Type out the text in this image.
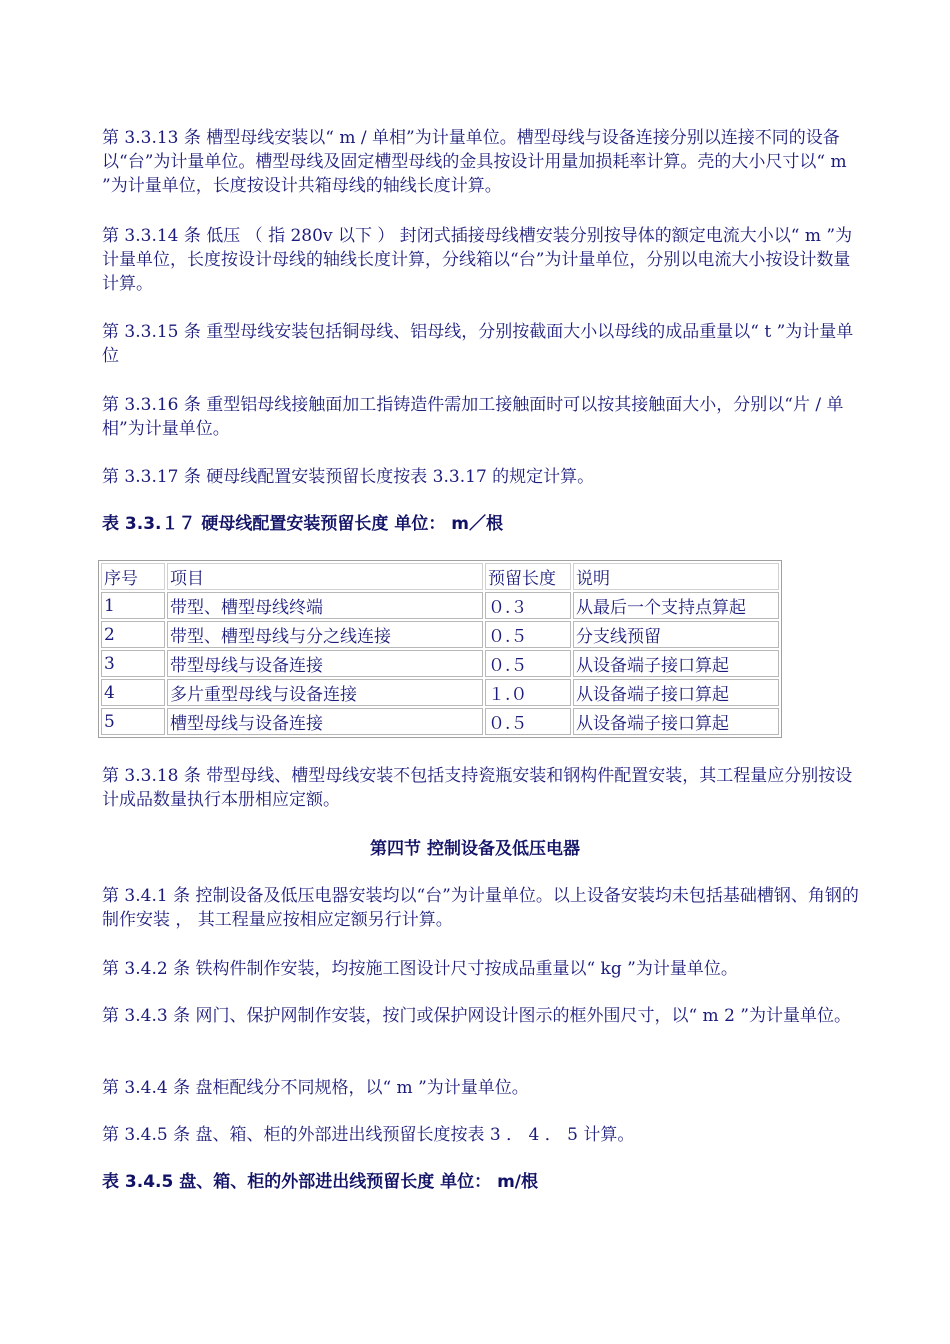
第 3.3.13 条 槽型母线安装以“ m / 单相”为计量单位。槽型母线与设备连接分别以连接不同的设备以“台”为计量单位。槽型母线及固定槽型母线的金具按设计用量加损耗率计算。壳的大小尺寸以“ m ”为计量单位，长度按设计共箱母线的轴线长度计算。

第 3.3.14 条 低压 （ 指 280v 以下 ） 封闭式插接母线槽安装分别按导体的额定电流大小以“ m ”为计量单位，长度按设计母线的轴线长度计算，分线箱以“台”为计量单位，分别以电流大小按设计数量计算。

第 3.3.15 条 重型母线安装包括铜母线、铝母线，分别按截面大小以母线的成品重量以“ t ”为计量单位

第 3.3.16 条 重型铝母线接触面加工指铸造件需加工接触面时可以按其接触面大小，分别以“片 / 单相”为计量单位。

第 3.3.17 条 硬母线配置安装预留长度按表 3.3.17 的规定计算。

表 3.3.１７ 硬母线配置安装预留长度 单位： m／根

序号	项目	预留长度	说明
1	带型、槽型母线终端	０.３	从最后一个支持点算起
2	带型、槽型母线与分之线连接	０.５	分支线预留
3	带型母线与设备连接	０.５	从设备端子接口算起
4	多片重型母线与设备连接	１.０	从设备端子接口算起
5	槽型母线与设备连接	０.５	从设备端子接口算起

第 3.3.18 条 带型母线、槽型母线安装不包括支持瓷瓶安装和钢构件配置安装，其工程量应分别按设计成品数量执行本册相应定额。

第四节 控制设备及低压电器

第 3.4.1 条 控制设备及低压电器安装均以“台”为计量单位。以上设备安装均未包括基础槽钢、角钢的制作安装 ， 其工程量应按相应定额另行计算。

第 3.4.2 条 铁构件制作安装，均按施工图设计尺寸按成品重量以“ kg ”为计量单位。

第 3.4.3 条 网门、保护网制作安装，按门或保护网设计图示的框外围尺寸，以“ m 2 ”为计量单位。

第 3.4.4 条 盘柜配线分不同规格，以“ m ”为计量单位。

第 3.4.5 条 盘、箱、柜的外部进出线预留长度按表 3 ． 4 ． 5 计算。

表 3.4.5 盘、箱、柜的外部进出线预留长度 单位： m/根
